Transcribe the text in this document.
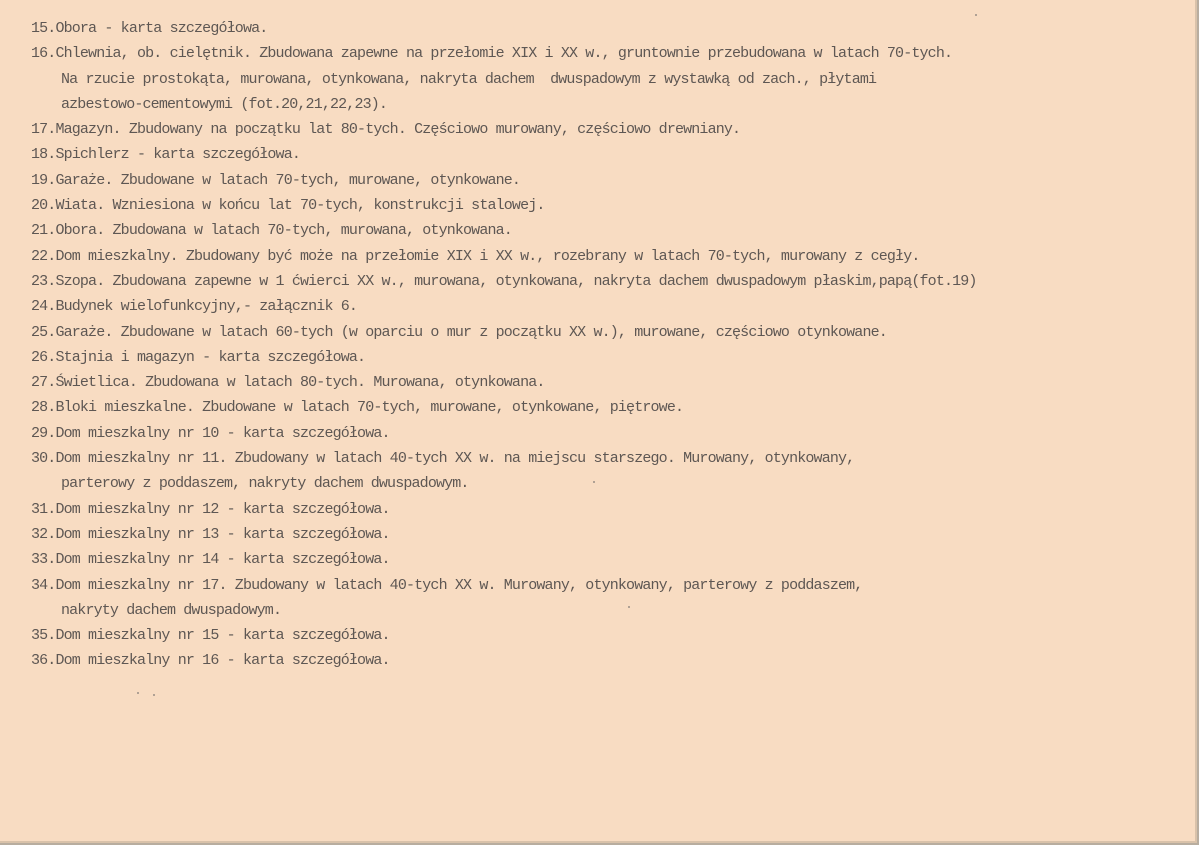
15.Obora - karta szczegółowa.
16.Chlewnia, ob. cielętnik. Zbudowana zapewne na przełomie XIX i XX w., gruntownie przebudowana w latach 70-tych.
Na rzucie prostokąta, murowana, otynkowana, nakryta dachem  dwuspadowym z wystawką od zach., płytami
azbestowo-cementowymi (fot.20,21,22,23).
17.Magazyn. Zbudowany na początku lat 80-tych. Częściowo murowany, częściowo drewniany.
18.Spichlerz - karta szczegółowa.
19.Garaże. Zbudowane w latach 70-tych, murowane, otynkowane.
20.Wiata. Wzniesiona w końcu lat 70-tych, konstrukcji stalowej.
21.Obora. Zbudowana w latach 70-tych, murowana, otynkowana.
22.Dom mieszkalny. Zbudowany być może na przełomie XIX i XX w., rozebrany w latach 70-tych, murowany z cegły.
23.Szopa. Zbudowana zapewne w 1 ćwierci XX w., murowana, otynkowana, nakryta dachem dwuspadowym płaskim,papą(fot.19)
24.Budynek wielofunkcyjny,- załącznik 6.
25.Garaże. Zbudowane w latach 60-tych (w oparciu o mur z początku XX w.), murowane, częściowo otynkowane.
26.Stajnia i magazyn - karta szczegółowa.
27.Świetlica. Zbudowana w latach 80-tych. Murowana, otynkowana.
28.Bloki mieszkalne. Zbudowane w latach 70-tych, murowane, otynkowane, piętrowe.
29.Dom mieszkalny nr 10 - karta szczegółowa.
30.Dom mieszkalny nr 11. Zbudowany w latach 40-tych XX w. na miejscu starszego. Murowany, otynkowany,
parterowy z poddaszem, nakryty dachem dwuspadowym.
31.Dom mieszkalny nr 12 - karta szczegółowa.
32.Dom mieszkalny nr 13 - karta szczegółowa.
33.Dom mieszkalny nr 14 - karta szczegółowa.
34.Dom mieszkalny nr 17. Zbudowany w latach 40-tych XX w. Murowany, otynkowany, parterowy z poddaszem,
nakryty dachem dwuspadowym.
35.Dom mieszkalny nr 15 - karta szczegółowa.
36.Dom mieszkalny nr 16 - karta szczegółowa.
